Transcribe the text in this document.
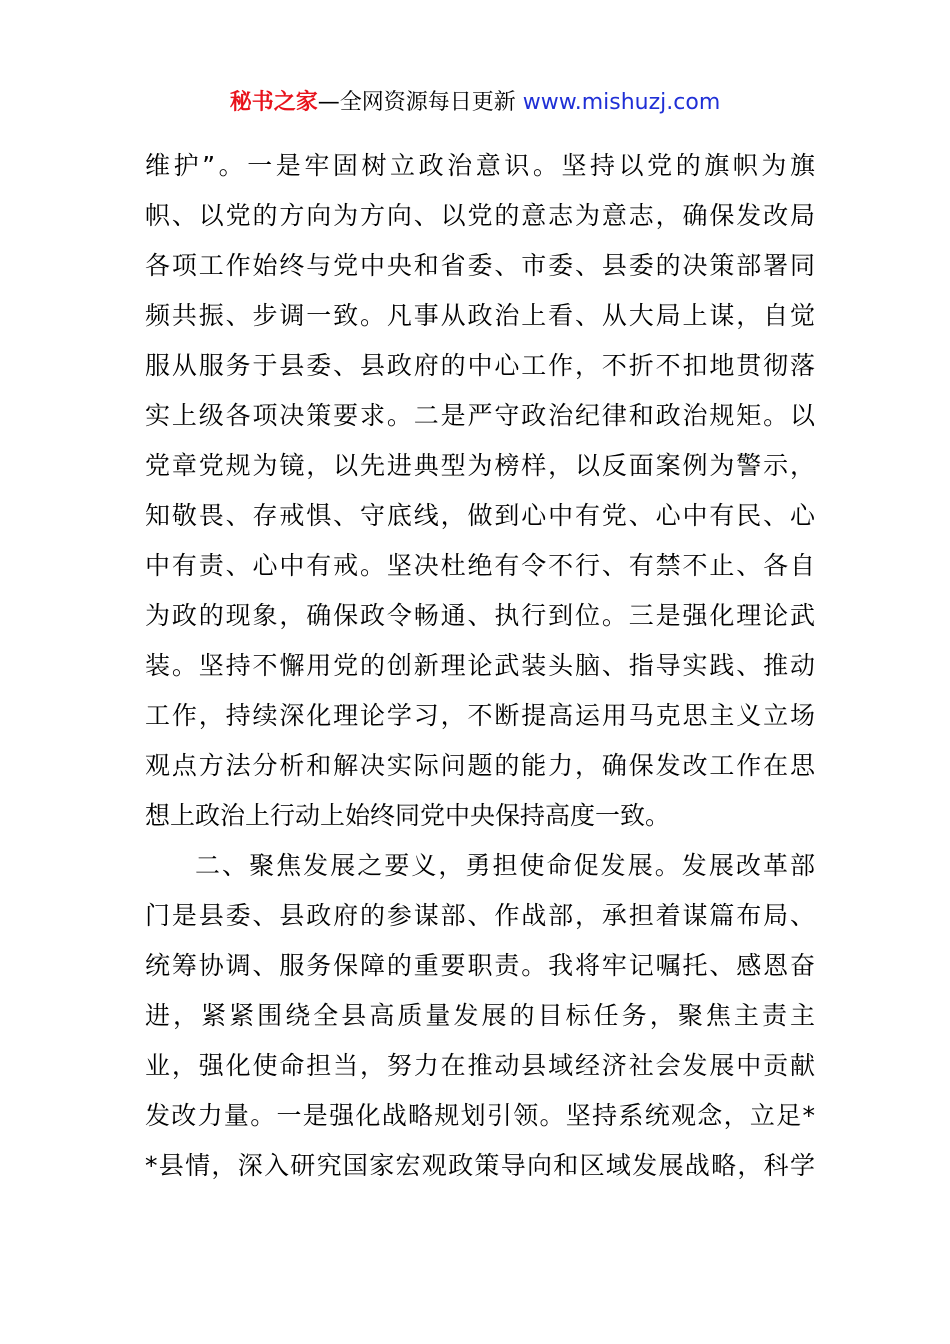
秘书之家—全网资源每日更新 www.mishuzj.com
维护”。一是牢固树立政治意识。坚持以党的旗帜为旗
帜、以党的方向为方向、以党的意志为意志，确保发改局
各项工作始终与党中央和省委、市委、县委的决策部署同
频共振、步调一致。凡事从政治上看、从大局上谋，自觉
服从服务于县委、县政府的中心工作，不折不扣地贯彻落
实上级各项决策要求。二是严守政治纪律和政治规矩。以
党章党规为镜，以先进典型为榜样，以反面案例为警示，
知敬畏、存戒惧、守底线，做到心中有党、心中有民、心
中有责、心中有戒。坚决杜绝有令不行、有禁不止、各自
为政的现象，确保政令畅通、执行到位。三是强化理论武
装。坚持不懈用党的创新理论武装头脑、指导实践、推动
工作，持续深化理论学习，不断提高运用马克思主义立场
观点方法分析和解决实际问题的能力，确保发改工作在思
想上政治上行动上始终同党中央保持高度一致。
二、聚焦发展之要义，勇担使命促发展。发展改革部
门是县委、县政府的参谋部、作战部，承担着谋篇布局、
统筹协调、服务保障的重要职责。我将牢记嘱托、感恩奋
进，紧紧围绕全县高质量发展的目标任务，聚焦主责主
业，强化使命担当，努力在推动县域经济社会发展中贡献
发改力量。一是强化战略规划引领。坚持系统观念，立足*
*县情，深入研究国家宏观政策导向和区域发展战略，科学
